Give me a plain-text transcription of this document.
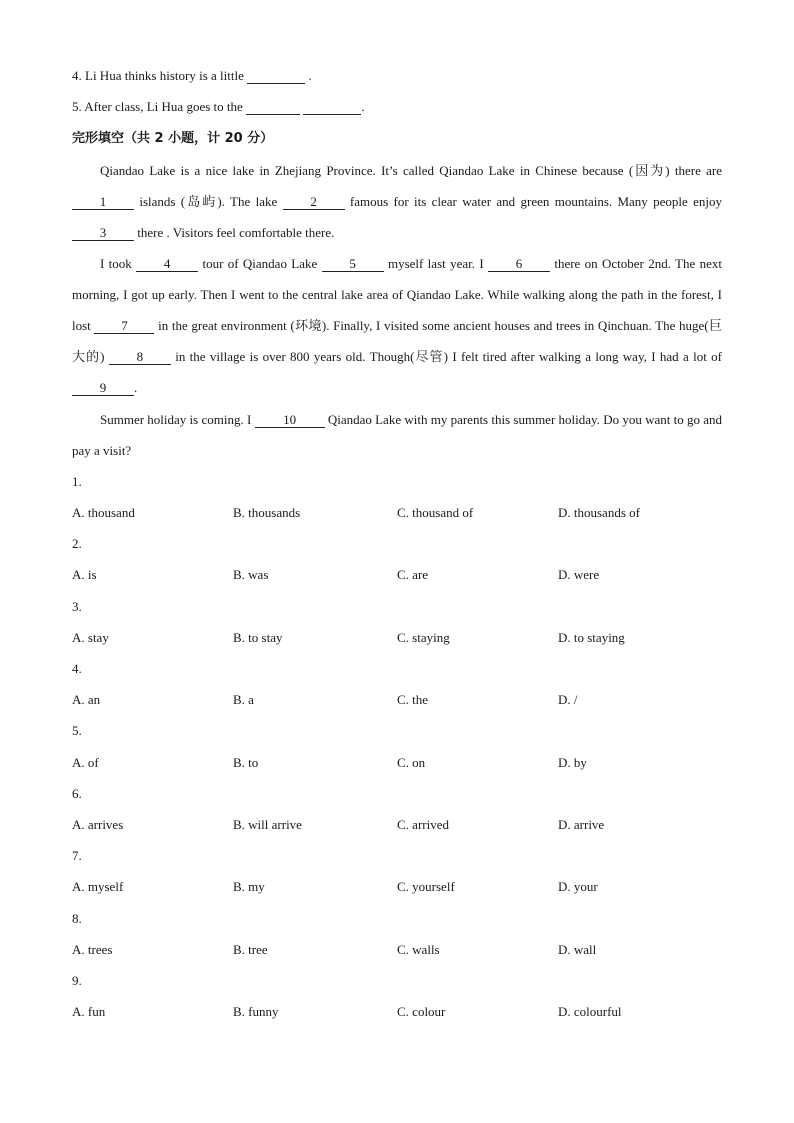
4. Li Hua thinks history is a little	.
5. After class, Li Hua goes to the	.
完形填空（共 2 小题，计 20 分）
Qiandao Lake is a nice lake in Zhejiang Province. It’s called Qiandao Lake in Chinese because (因为) there are 1 islands (岛屿). The lake 2 famous for its clear water and green mountains. Many people enjoy 3 there . Visitors feel comfortable there.
I took 4 tour of Qiandao Lake 5 myself last year. I 6 there on October 2nd. The next morning, I got up early. Then I went to the central lake area of Qiandao Lake. While walking along the path in the forest, I lost 7 in the great environment (环境). Finally, I visited some ancient houses and trees in Qinchuan. The huge(巨大的) 8 in the village is over 800 years old. Though(尽管) I felt tired after walking a long way, I had a lot of 9 .
Summer holiday is coming. I 10 Qiandao Lake with my parents this summer holiday. Do you want to go and pay a visit?
1.
A. thousand	B. thousands	C. thousand of	D. thousands of
2.
A. is	B. was	C. are	D. were
3.
A. stay	B. to stay	C. staying	D. to staying
4.
A. an	B. a	C. the	D. /
5.
A. of	B. to	C. on	D. by
6.
A. arrives	B. will arrive	C. arrived	D. arrive
7.
A. myself	B. my	C. yourself	D. your
8.
A. trees	B. tree	C. walls	D. wall
9.
A. fun	B. funny	C. colour	D. colourful
